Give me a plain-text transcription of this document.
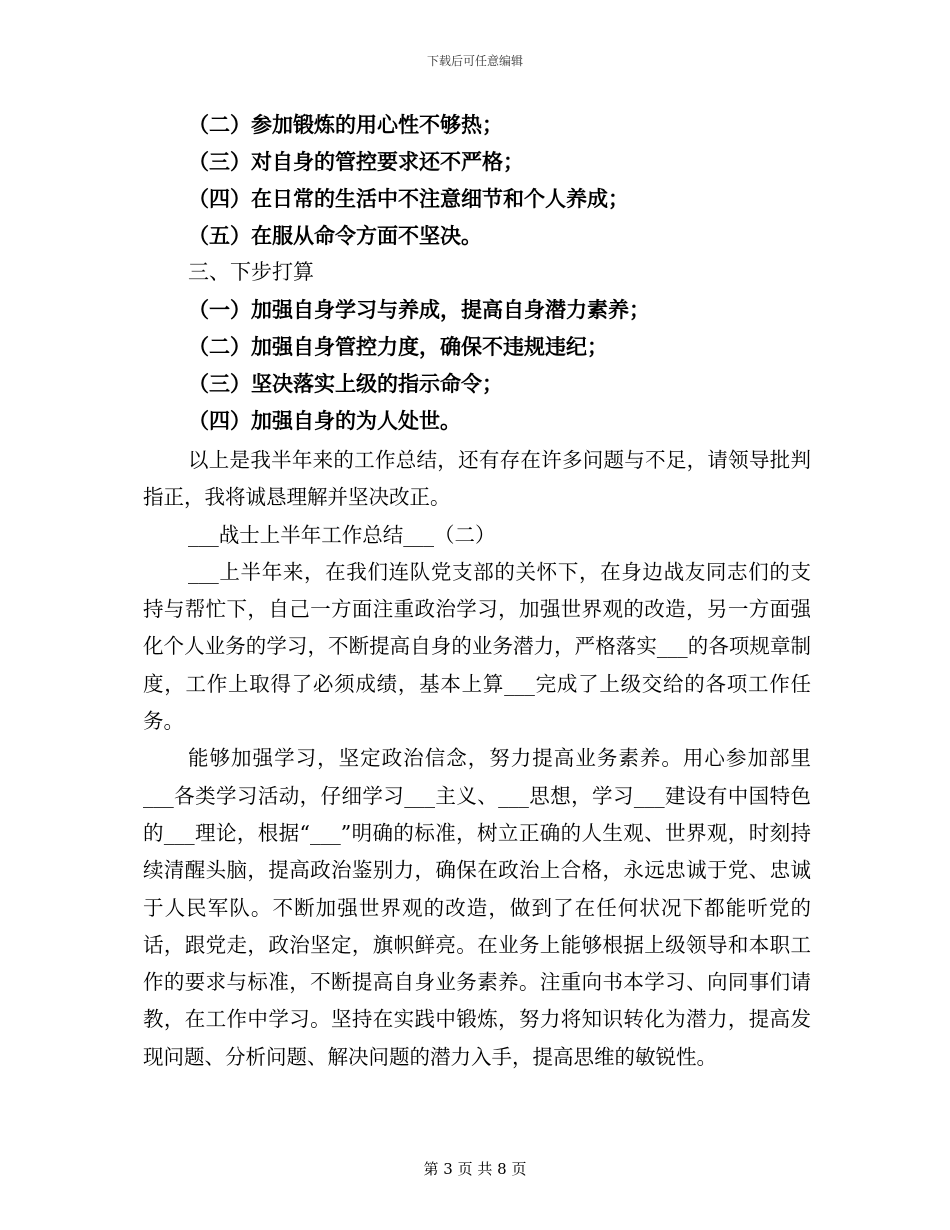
下载后可任意编辑
（二）参加锻炼的用心性不够热；
（三）对自身的管控要求还不严格；
（四）在日常的生活中不注意细节和个人养成；
（五）在服从命令方面不坚决。
三、下步打算
（一）加强自身学习与养成，提高自身潜力素养；
（二）加强自身管控力度，确保不违规违纪；
（三）坚决落实上级的指示命令；
（四）加强自身的为人处世。

以上是我半年来的工作总结，还有存在许多问题与不足，请领导批判指正，我将诚恳理解并坚决改正。

___战士上半年工作总结___（二）

___上半年来，在我们连队党支部的关怀下，在身边战友同志们的支持与帮忙下，自己一方面注重政治学习，加强世界观的改造，另一方面强化个人业务的学习，不断提高自身的业务潜力，严格落实___的各项规章制度，工作上取得了必须成绩，基本上算___完成了上级交给的各项工作任务。

能够加强学习，坚定政治信念，努力提高业务素养。用心参加部里___各类学习活动，仔细学习___主义、___思想，学习___建设有中国特色的___理论，根据“___”明确的标准，树立正确的人生观、世界观，时刻持续清醒头脑，提高政治鉴别力，确保在政治上合格，永远忠诚于党、忠诚于人民军队。不断加强世界观的改造，做到了在任何状况下都能听党的话，跟党走，政治坚定，旗帜鲜亮。在业务上能够根据上级领导和本职工作的要求与标准，不断提高自身业务素养。注重向书本学习、向同事们请教，在工作中学习。坚持在实践中锻炼，努力将知识转化为潜力，提高发现问题、分析问题、解决问题的潜力入手，提高思维的敏锐性。

第 3 页 共 8 页
